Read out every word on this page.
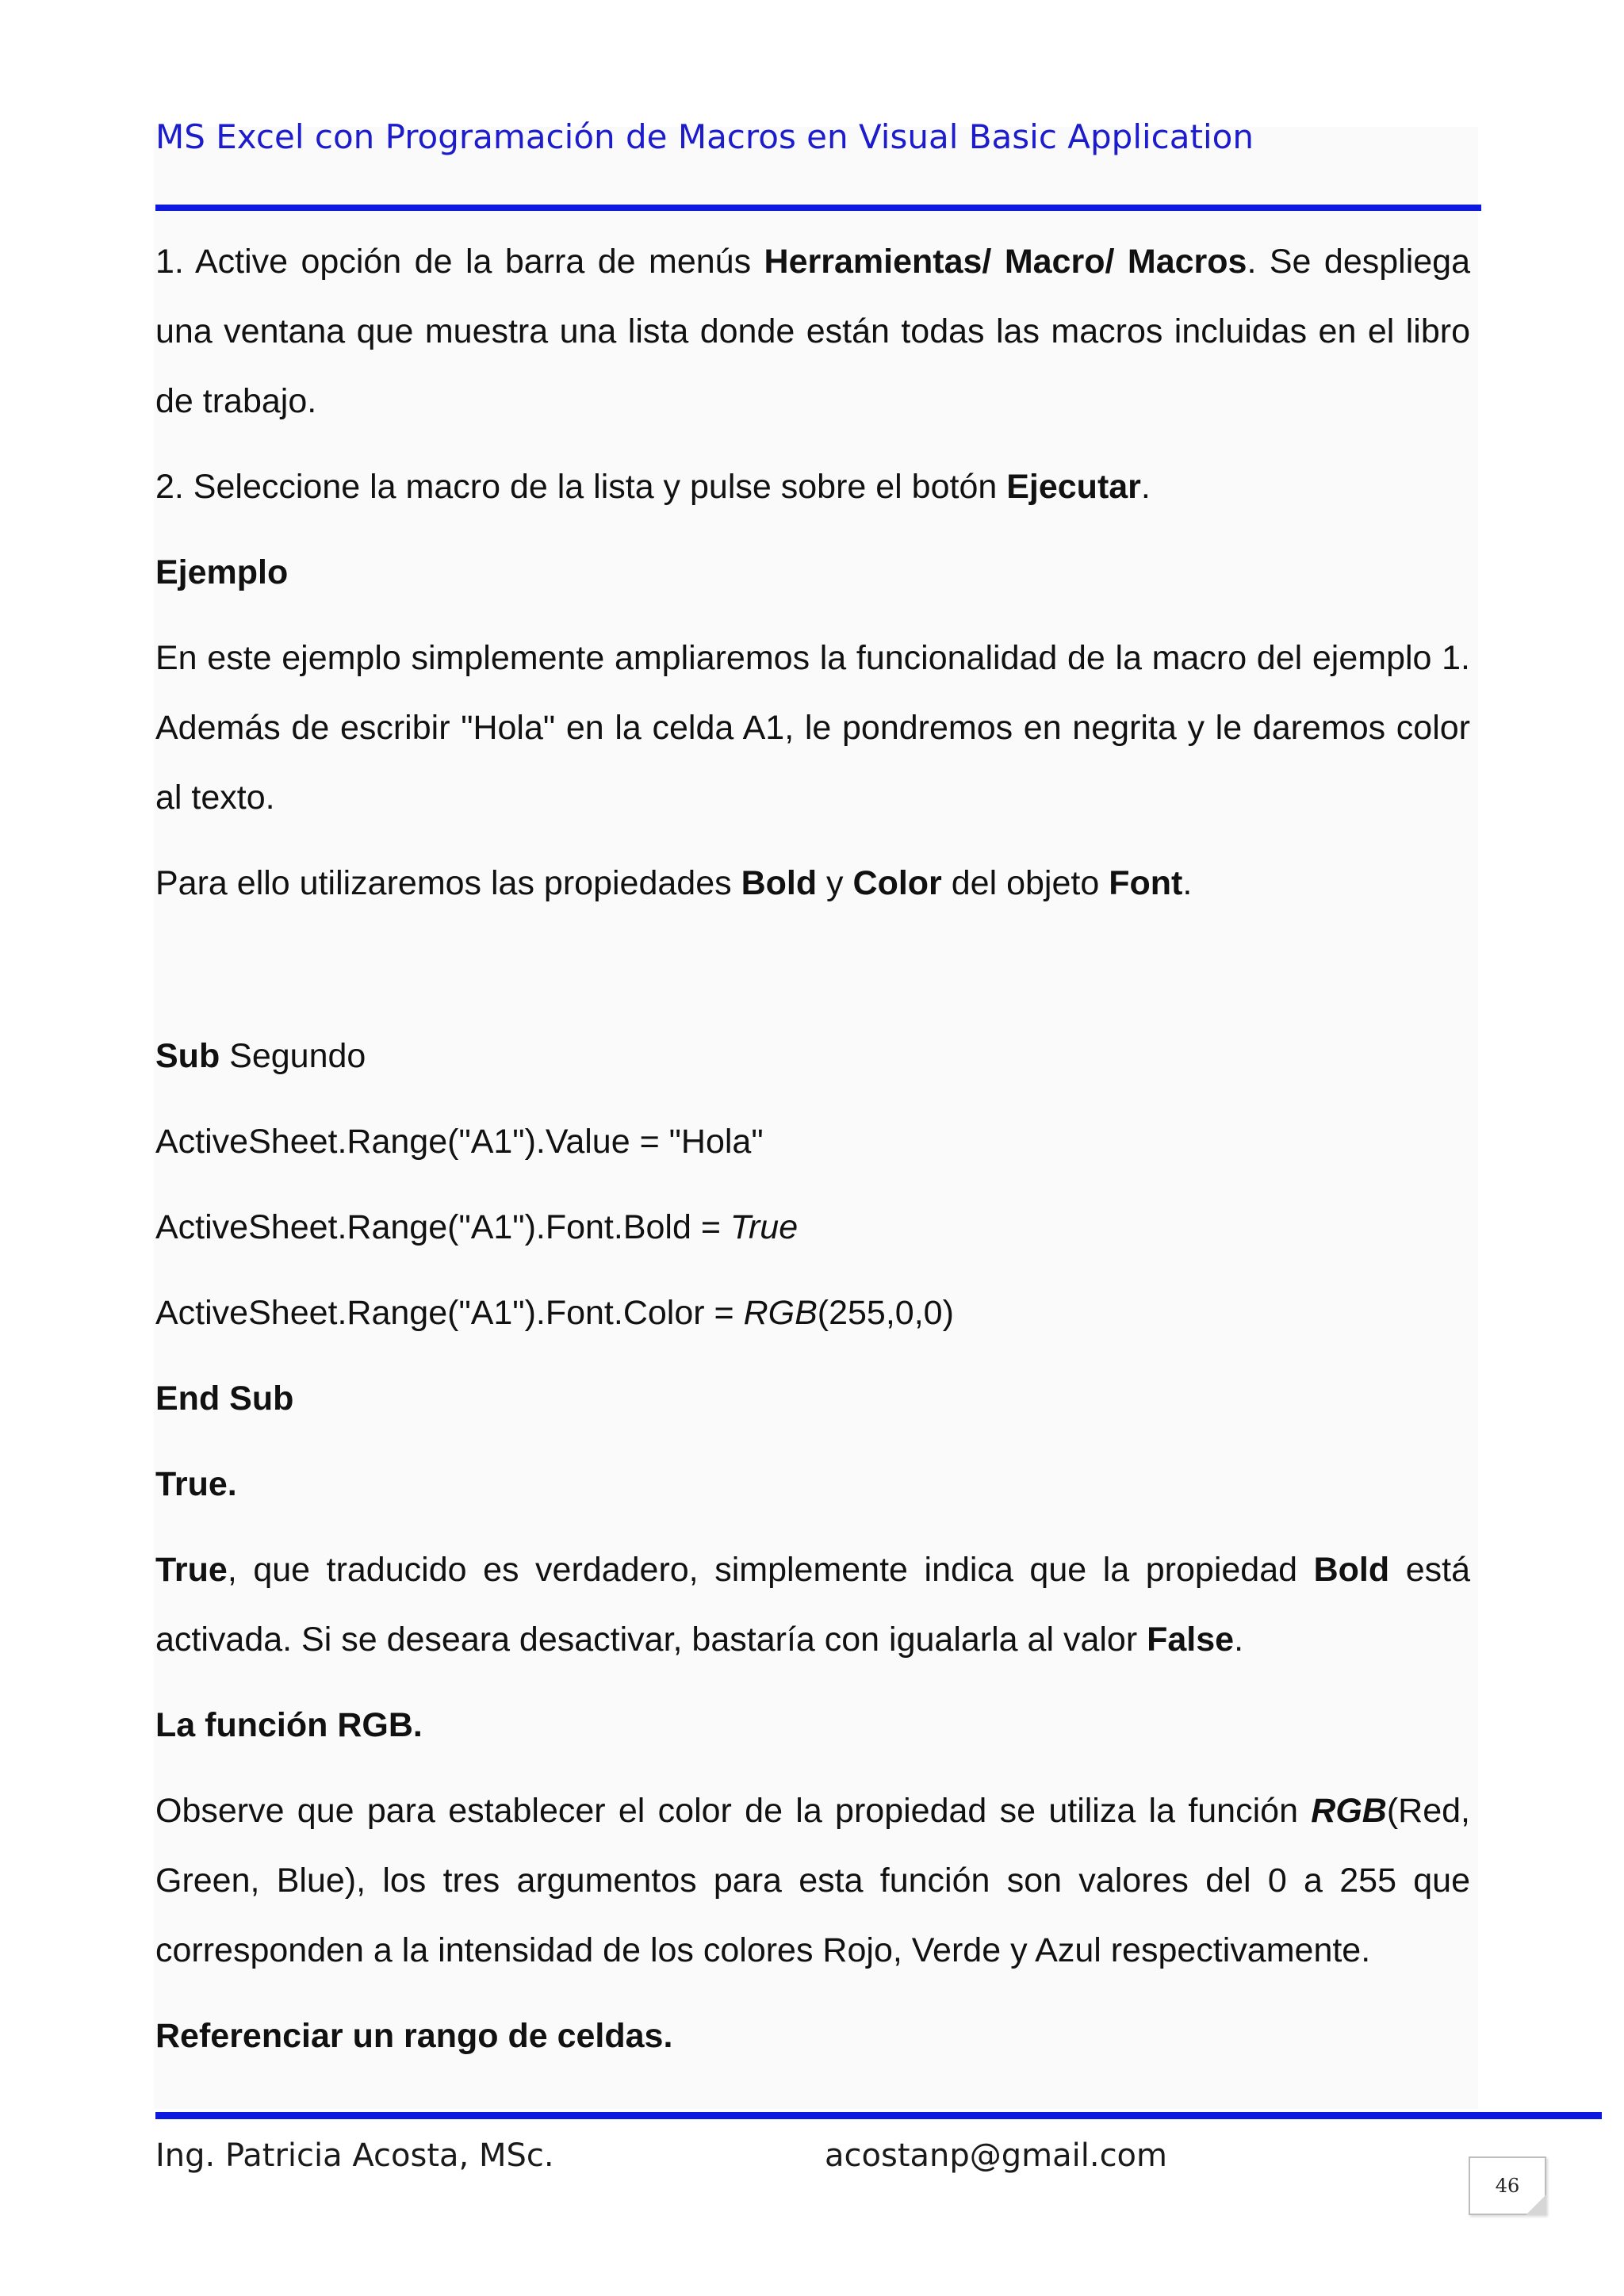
MS Excel con Programación de Macros en Visual Basic Application

1. Active opción de la barra de menús Herramientas/ Macro/ Macros. Se despliega una ventana que muestra una lista donde están todas las macros incluidas en el libro de trabajo.

2. Seleccione la macro de la lista y pulse sobre el botón Ejecutar.

Ejemplo

En este ejemplo simplemente ampliaremos la funcionalidad de la macro del ejemplo 1. Además de escribir "Hola" en la celda A1, le pondremos en negrita y le daremos color al texto.

Para ello utilizaremos las propiedades Bold y Color del objeto Font.

Sub Segundo

ActiveSheet.Range("A1").Value = "Hola"

ActiveSheet.Range("A1").Font.Bold = True

ActiveSheet.Range("A1").Font.Color = RGB(255,0,0)

End Sub

True.

True, que traducido es verdadero, simplemente indica que la propiedad Bold está activada. Si se deseara desactivar, bastaría con igualarla al valor False.

La función RGB.

Observe que para establecer el color de la propiedad se utiliza la función RGB(Red, Green, Blue), los tres argumentos para esta función son valores del 0 a 255 que corresponden a la intensidad de los colores Rojo, Verde y Azul respectivamente.

Referenciar un rango de celdas.

Ing. Patricia Acosta, MSc.	acostanp@gmail.com
46
